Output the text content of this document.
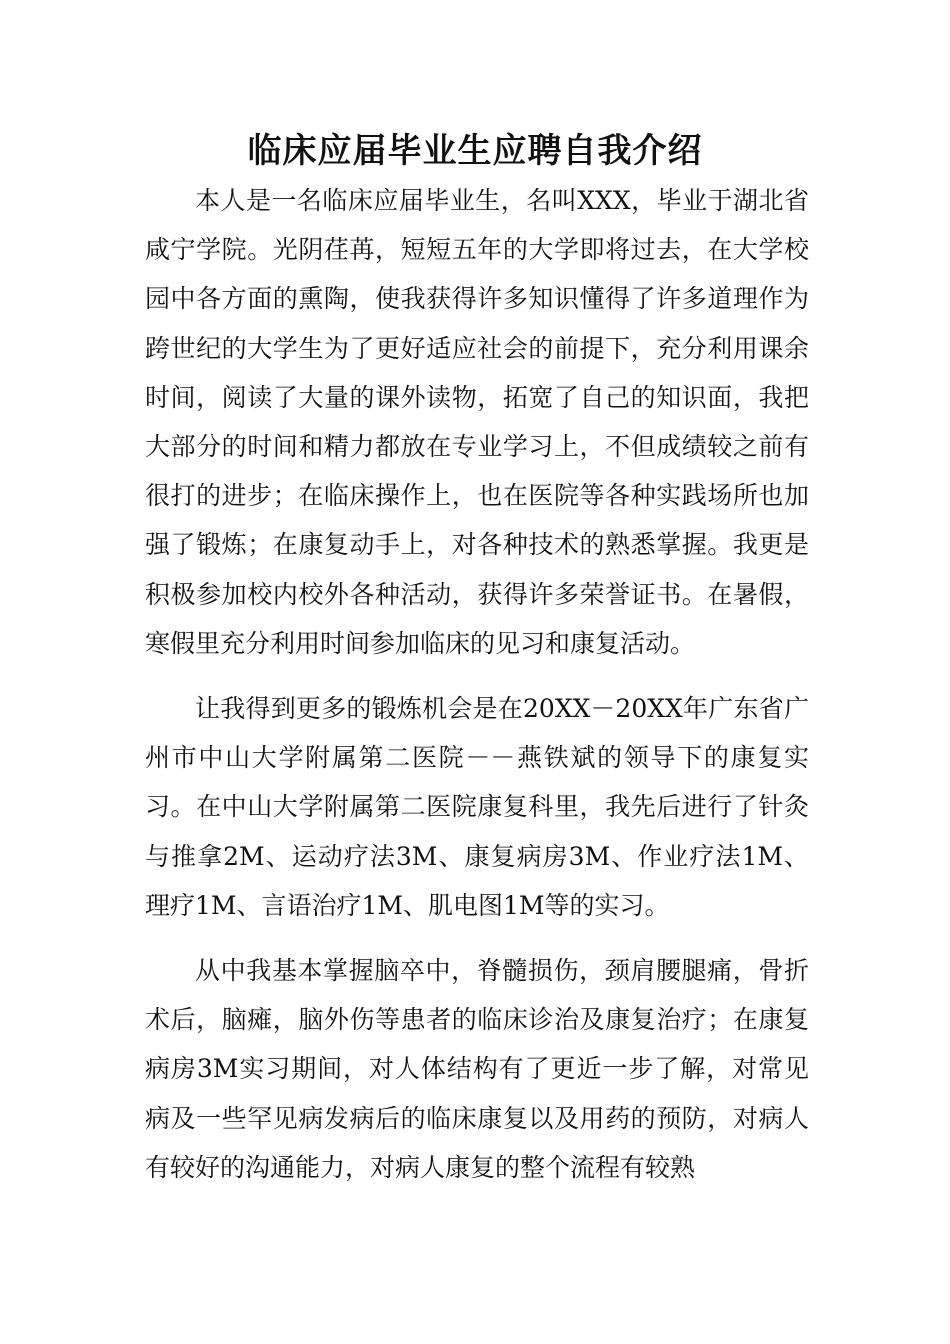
临床应届毕业生应聘自我介绍

本人是一名临床应届毕业生，名叫XXX，毕业于湖北省咸宁学院。光阴荏苒，短短五年的大学即将过去，在大学校园中各方面的熏陶，使我获得许多知识懂得了许多道理作为跨世纪的大学生为了更好适应社会的前提下，充分利用课余时间，阅读了大量的课外读物，拓宽了自己的知识面，我把大部分的时间和精力都放在专业学习上，不但成绩较之前有很打的进步；在临床操作上，也在医院等各种实践场所也加强了锻炼；在康复动手上，对各种技术的熟悉掌握。我更是积极参加校内校外各种活动，获得许多荣誉证书。在暑假，寒假里充分利用时间参加临床的见习和康复活动。

让我得到更多的锻炼机会是在20XX－20XX年广东省广州市中山大学附属第二医院－－燕铁斌的领导下的康复实习。在中山大学附属第二医院康复科里，我先后进行了针灸与推拿2M、运动疗法3M、康复病房3M、作业疗法1M、理疗1M、言语治疗1M、肌电图1M等的实习。

从中我基本掌握脑卒中，脊髓损伤，颈肩腰腿痛，骨折术后，脑瘫，脑外伤等患者的临床诊治及康复治疗；在康复病房3M实习期间，对人体结构有了更近一步了解，对常见病及一些罕见病发病后的临床康复以及用药的预防，对病人有较好的沟通能力，对病人康复的整个流程有较熟
